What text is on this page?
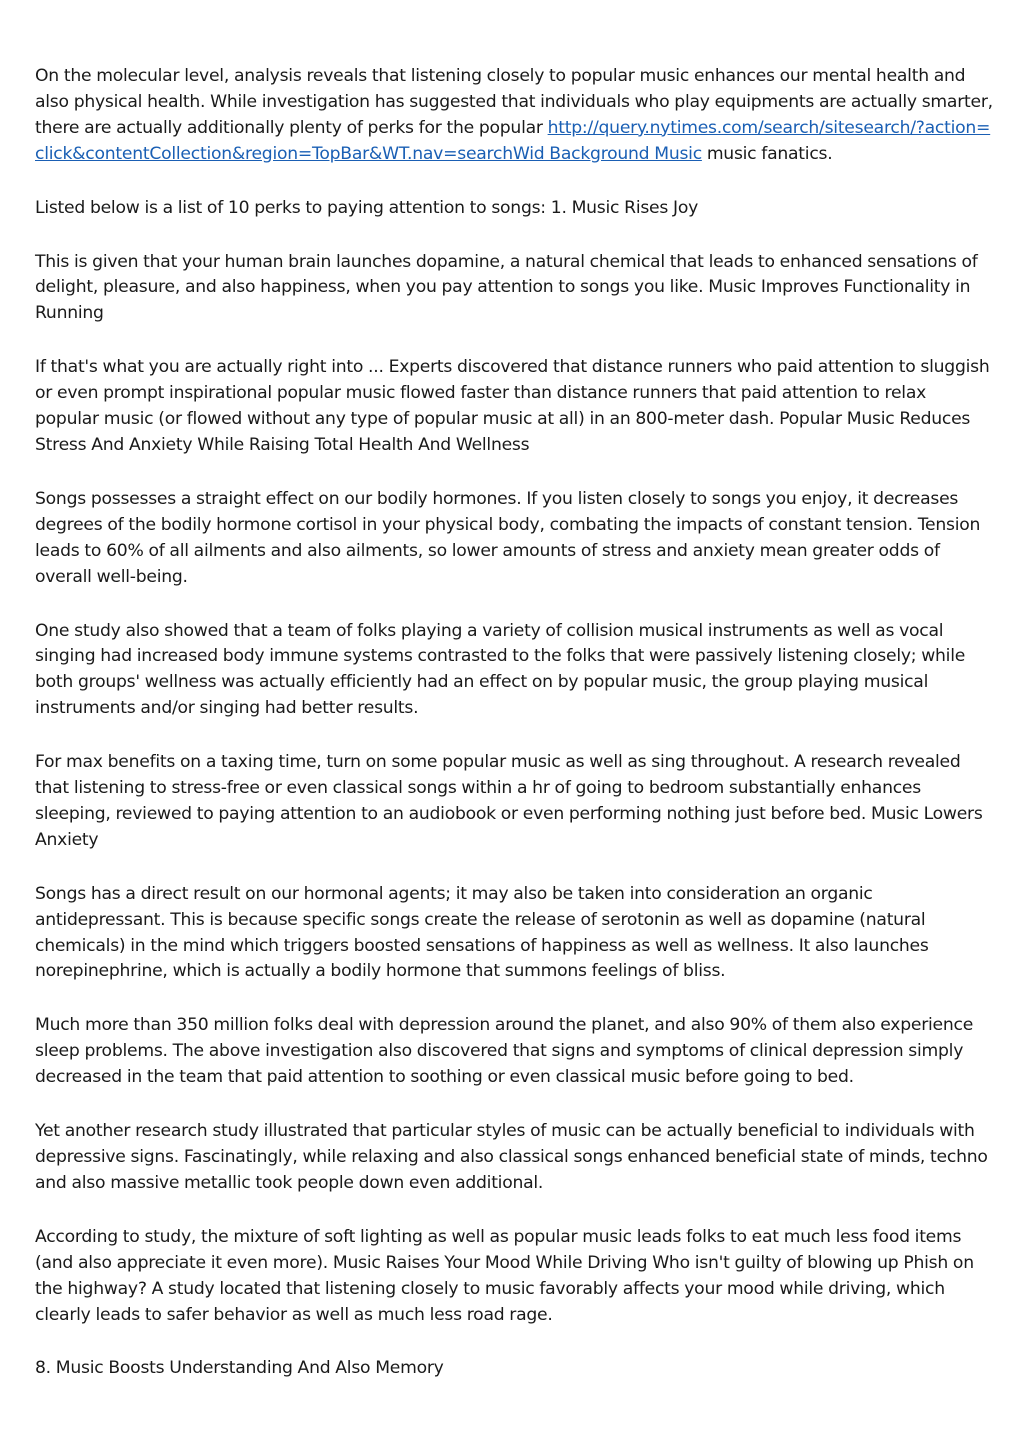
On the molecular level, analysis reveals that listening closely to popular music enhances our mental health and also physical health. While investigation has suggested that individuals who play equipments are actually smarter, there are actually additionally plenty of perks for the popular http://query.nytimes.com/search/sitesearch/?action=click&contentCollection&region=TopBar&WT.nav=searchWid Background Music music fanatics.

Listed below is a list of 10 perks to paying attention to songs: 1. Music Rises Joy

This is given that your human brain launches dopamine, a natural chemical that leads to enhanced sensations of delight, pleasure, and also happiness, when you pay attention to songs you like. Music Improves Functionality in Running

If that's what you are actually right into ... Experts discovered that distance runners who paid attention to sluggish or even prompt inspirational popular music flowed faster than distance runners that paid attention to relax popular music (or flowed without any type of popular music at all) in an 800-meter dash. Popular Music Reduces Stress And Anxiety While Raising Total Health And Wellness

Songs possesses a straight effect on our bodily hormones. If you listen closely to songs you enjoy, it decreases degrees of the bodily hormone cortisol in your physical body, combating the impacts of constant tension. Tension leads to 60% of all ailments and also ailments, so lower amounts of stress and anxiety mean greater odds of overall well-being.

One study also showed that a team of folks playing a variety of collision musical instruments as well as vocal singing had increased body immune systems contrasted to the folks that were passively listening closely; while both groups' wellness was actually efficiently had an effect on by popular music, the group playing musical instruments and/or singing had better results.

For max benefits on a taxing time, turn on some popular music as well as sing throughout. A research revealed that listening to stress-free or even classical songs within a hr of going to bedroom substantially enhances sleeping, reviewed to paying attention to an audiobook or even performing nothing just before bed. Music Lowers Anxiety

Songs has a direct result on our hormonal agents; it may also be taken into consideration an organic antidepressant. This is because specific songs create the release of serotonin as well as dopamine (natural chemicals) in the mind which triggers boosted sensations of happiness as well as wellness. It also launches norepinephrine, which is actually a bodily hormone that summons feelings of bliss.

Much more than 350 million folks deal with depression around the planet, and also 90% of them also experience sleep problems. The above investigation also discovered that signs and symptoms of clinical depression simply decreased in the team that paid attention to soothing or even classical music before going to bed.

Yet another research study illustrated that particular styles of music can be actually beneficial to individuals with depressive signs. Fascinatingly, while relaxing and also classical songs enhanced beneficial state of minds, techno and also massive metallic took people down even additional.

According to study, the mixture of soft lighting as well as popular music leads folks to eat much less food items (and also appreciate it even more). Music Raises Your Mood While Driving Who isn't guilty of blowing up Phish on the highway? A study located that listening closely to music favorably affects your mood while driving, which clearly leads to safer behavior as well as much less road rage.

8. Music Boosts Understanding And Also Memory
